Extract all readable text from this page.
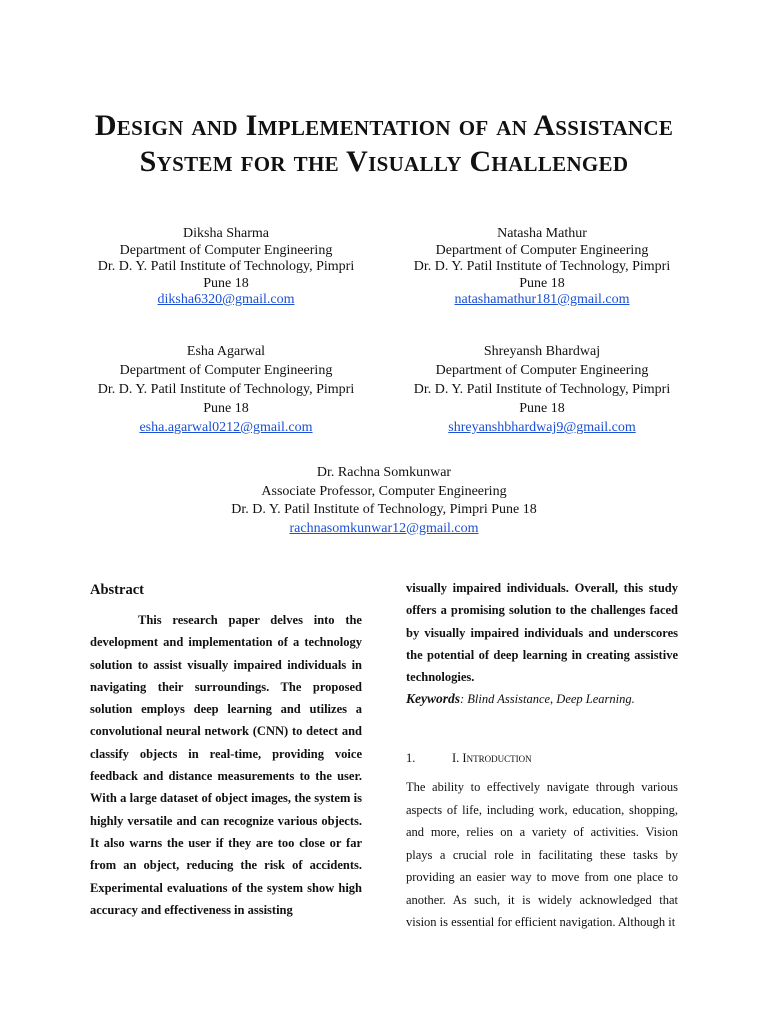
Design and Implementation of an Assistance
System for the Visually Challenged
Diksha Sharma
Department of Computer Engineering
Dr. D. Y. Patil Institute of Technology, Pimpri
Pune 18
diksha6320@gmail.com
Natasha Mathur
Department of Computer Engineering
Dr. D. Y. Patil Institute of Technology, Pimpri
Pune 18
natashamathur181@gmail.com
Esha Agarwal
Department of Computer Engineering
Dr. D. Y. Patil Institute of Technology, Pimpri
Pune 18
esha.agarwal0212@gmail.com
Shreyansh Bhardwaj
Department of Computer Engineering
Dr. D. Y. Patil Institute of Technology, Pimpri
Pune 18
shreyanshbhardwaj9@gmail.com
Dr. Rachna Somkunwar
Associate Professor, Computer Engineering
Dr. D. Y. Patil Institute of Technology, Pimpri Pune 18
rachnasomkunwar12@gmail.com
Abstract
This research paper delves into the development and implementation of a technology solution to assist visually impaired individuals in navigating their surroundings. The proposed solution employs deep learning and utilizes a convolutional neural network (CNN) to detect and classify objects in real-time, providing voice feedback and distance measurements to the user. With a large dataset of object images, the system is highly versatile and can recognize various objects. It also warns the user if they are too close or far from an object, reducing the risk of accidents. Experimental evaluations of the system show high accuracy and effectiveness in assisting
visually impaired individuals. Overall, this study offers a promising solution to the challenges faced by visually impaired individuals and underscores the potential of deep learning in creating assistive technologies.
Keywords: Blind Assistance, Deep Learning.
1.	I. Introduction
The ability to effectively navigate through various aspects of life, including work, education, shopping, and more, relies on a variety of activities. Vision plays a crucial role in facilitating these tasks by providing an easier way to move from one place to another. As such, it is widely acknowledged that vision is essential for efficient navigation. Although it
